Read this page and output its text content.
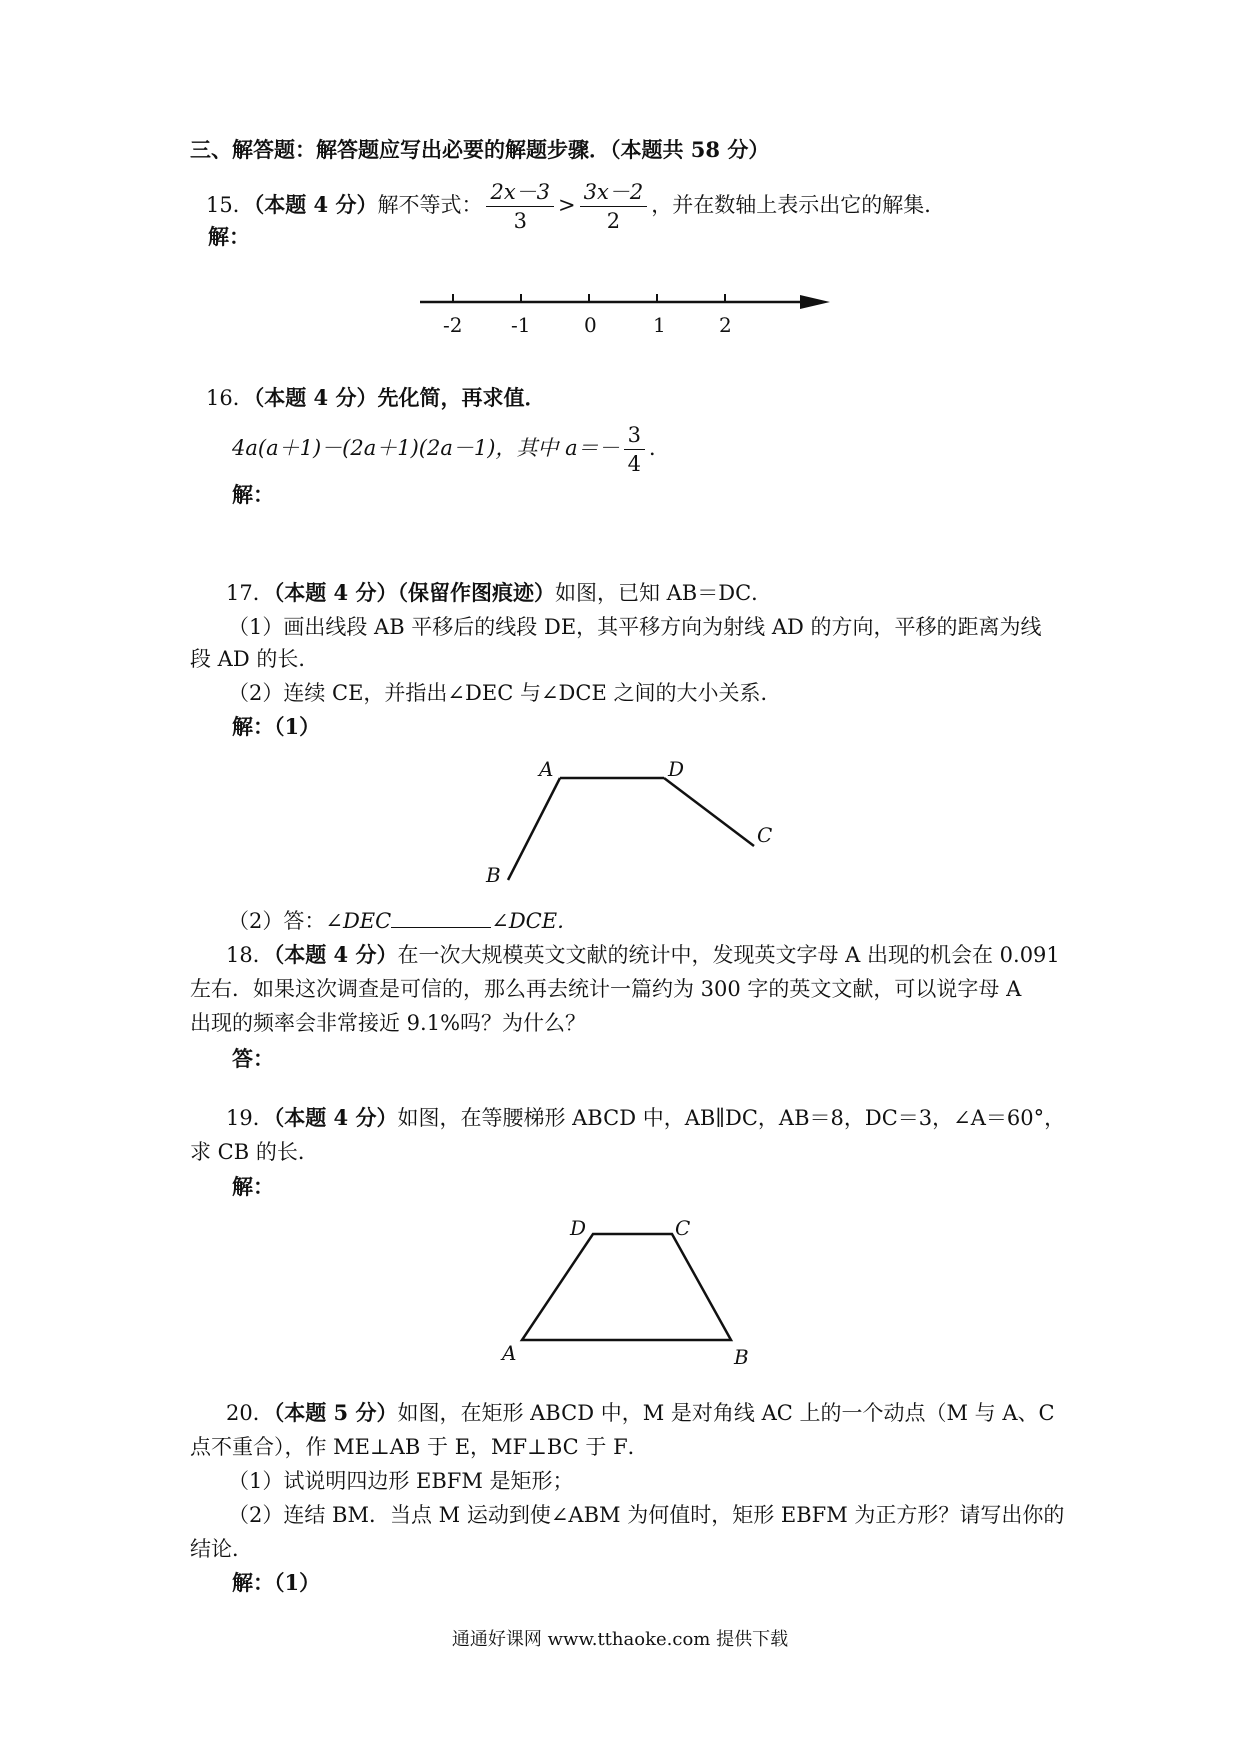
三、解答题：解答题应写出必要的解题步骤．（本题共 58 分）
15．（本题 4 分）解不等式： $\frac{2x-3}{3} > \frac{3x-2}{2}$ ，并在数轴上表示出它的解集．
解：
-2 -1	0	1	2
16．（本题 4 分）先化简，再求值．
4a(a＋1)－(2a＋1)(2a－1)，其中 $a=- \frac{3}{4}$ ．
解：
17．（本题 4 分）（保留作图痕迹）如图，已知 AB＝DC．
（1）画出线段 AB 平移后的线段 DE，其平移方向为射线 AD 的方向，平移的距离为线
段 AD 的长．
（2）连续 CE，并指出∠DEC 与∠DCE 之间的大小关系．
解：（1）
A	D
C
B
（2）答：∠DEC	∠DCE．
18．（本题 4 分）在一次大规模英文文献的统计中，发现英文字母 A 出现的机会在 0.091
左右．如果这次调查是可信的，那么再去统计一篇约为 300 字的英文文献，可以说字母 A
出现的频率会非常接近 9.1%吗？为什么？
答：
19．（本题 4 分）如图，在等腰梯形 ABCD 中，AB∥DC，AB＝8，DC＝3，∠A＝60°，
求 CB 的长．
解：
D	C
A	B
20．（本题 5 分）如图，在矩形 ABCD 中，M 是对角线 AC 上的一个动点（M 与 A、C
点不重合），作 ME⊥AB 于 E，MF⊥BC 于 F．
（1）试说明四边形 EBFM 是矩形；
（2）连结 BM．当点 M 运动到使∠ABM 为何值时，矩形 EBFM 为正方形？请写出你的
结论．
解：（1）
通通好课网 www.tthaoke.com 提供下载
